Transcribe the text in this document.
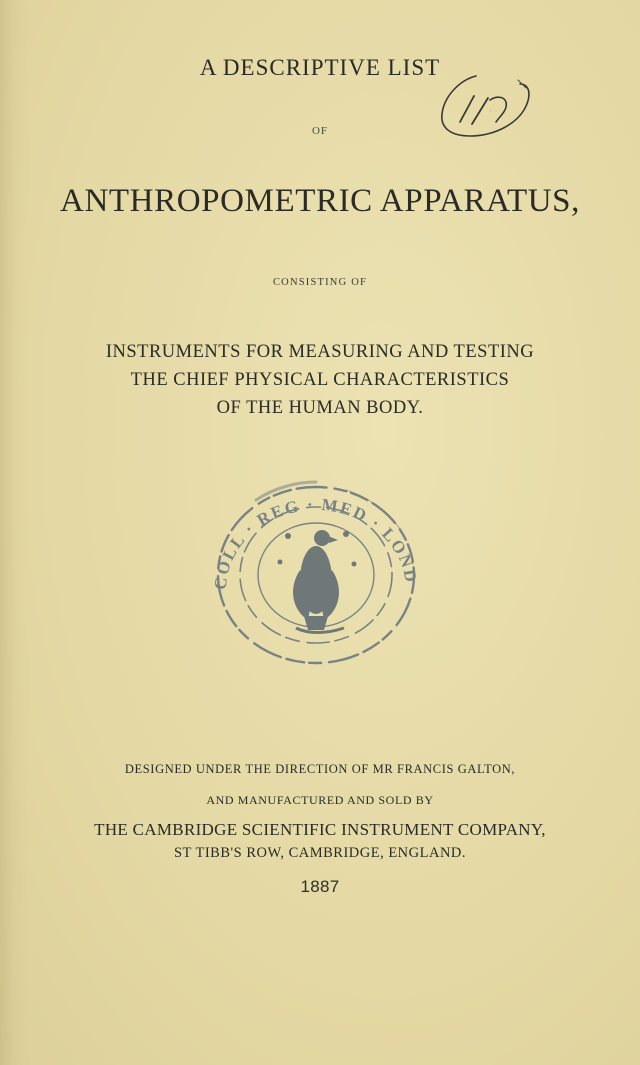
A DESCRIPTIVE LIST
//
OF
ANTHROPOMETRIC APPARATUS,
CONSISTING OF
INSTRUMENTS FOR MEASURING AND TESTING
THE CHIEF PHYSICAL CHARACTERISTICS
OF THE HUMAN BODY.
COLL · REG · MED · LOND
DESIGNED UNDER THE DIRECTION OF MR FRANCIS GALTON,
AND MANUFACTURED AND SOLD BY
THE CAMBRIDGE SCIENTIFIC INSTRUMENT COMPANY,
ST TIBB'S ROW, CAMBRIDGE, ENGLAND.
1887
